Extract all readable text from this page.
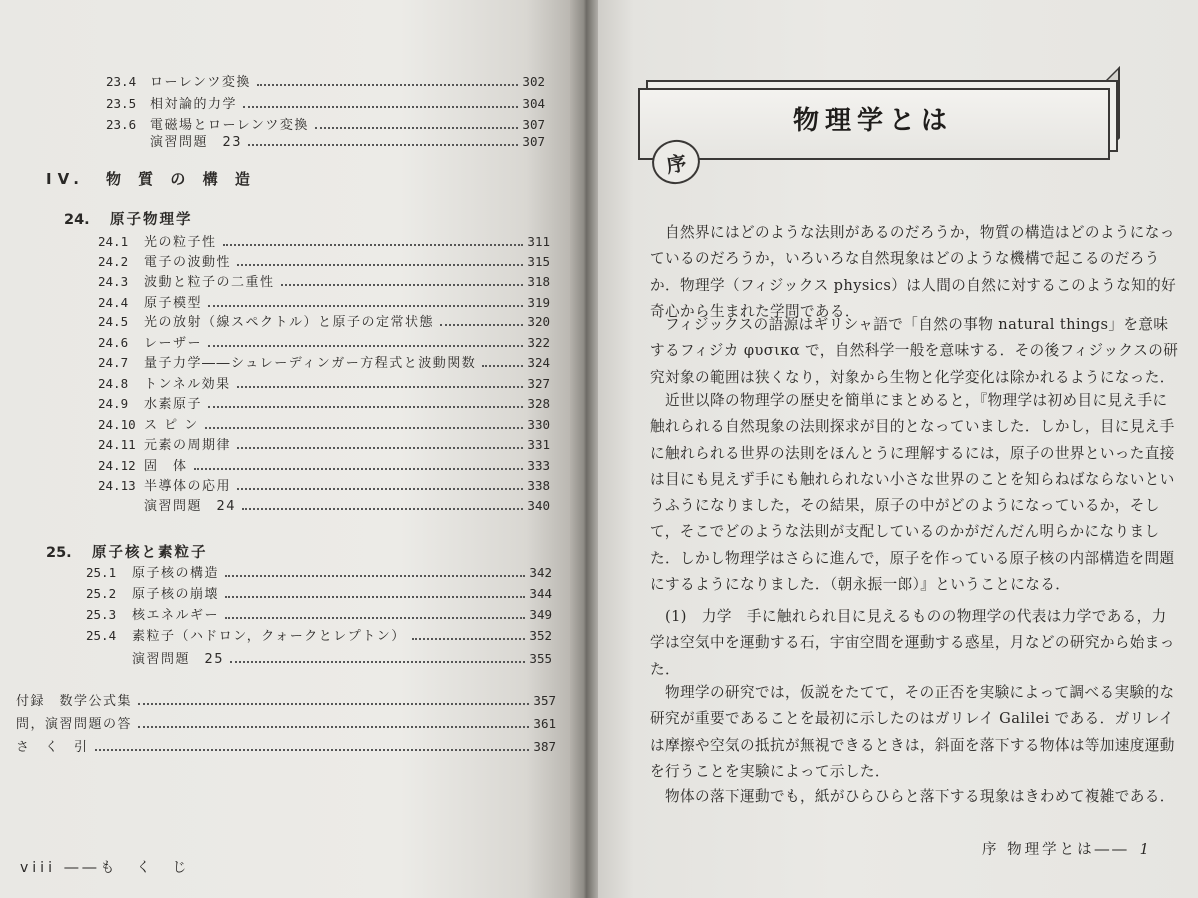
23.4	ローレンツ変換	302
23.5	相対論的力学	304
23.6	電磁場とローレンツ変換	307
演習問題　23	307
24.1	光の粒子性	311
24.2	電子の波動性	315
24.3	波動と粒子の二重性	318
24.4	原子模型	319
24.5	光の放射（線スペクトル）と原子の定常状態	320
24.6	レーザー	322
24.7	量子力学――シュレーディンガー方程式と波動関数	324
24.8	トンネル効果	327
24.9	水素原子	328
24.10 ス ピ ン	330
24.11 元素の周期律	331
24.12 固　体	333
24.13 半導体の応用	338
演習問題　24	340
25.1	原子核の構造	342
25.2	原子核の崩壊	344
25.3	核エネルギー	349
25.4	素粒子（ハドロン，クォークとレプトン）	352
演習問題　25	355
付録　数学公式集	357
問，演習問題の答	361
さ　く　引	387
IV.　物 質 の 構 造
24. 原子物理学
25. 原子核と素粒子
viii ――も　く　じ
物理学とは
序
　自然界にはどのような法則があるのだろうか，物質の構造はどのようになっているのだろうか，いろいろな自然現象はどのような機構で起こるのだろうか．物理学（フィジックス physics）は人間の自然に対するこのような知的好奇心から生まれた学問である．
　フィジックスの語源はギリシャ語で「自然の事物 natural things」を意味するフィジカ φυσικα で，自然科学一般を意味する．その後フィジックスの研究対象の範囲は狭くなり，対象から生物と化学変化は除かれるようになった．
　近世以降の物理学の歴史を簡単にまとめると，『物理学は初め目に見え手に触れられる自然現象の法則探求が目的となっていました．しかし，目に見え手に触れられる世界の法則をほんとうに理解するには，原子の世界といった直接は目にも見えず手にも触れられない小さな世界のことを知らねばならないというふうになりました，その結果，原子の中がどのようになっているか，そして，そこでどのような法則が支配しているのかがだんだん明らかになりました．しかし物理学はさらに進んで，原子を作っている原子核の内部構造を問題にするようになりました．（朝永振一郎）』ということになる．
　(1)　力学　手に触れられ目に見えるものの物理学の代表は力学である，力学は空気中を運動する石，宇宙空間を運動する惑星，月などの研究から始まった．
　物理学の研究では，仮説をたてて，その正否を実験によって調べる実験的な研究が重要であることを最初に示したのはガリレイ Galilei である．ガリレイは摩擦や空気の抵抗が無視できるときは，斜面を落下する物体は等加速度運動を行うことを実験によって示した．
　物体の落下運動でも，紙がひらひらと落下する現象はきわめて複雑である．
序 物理学とは―― 1
